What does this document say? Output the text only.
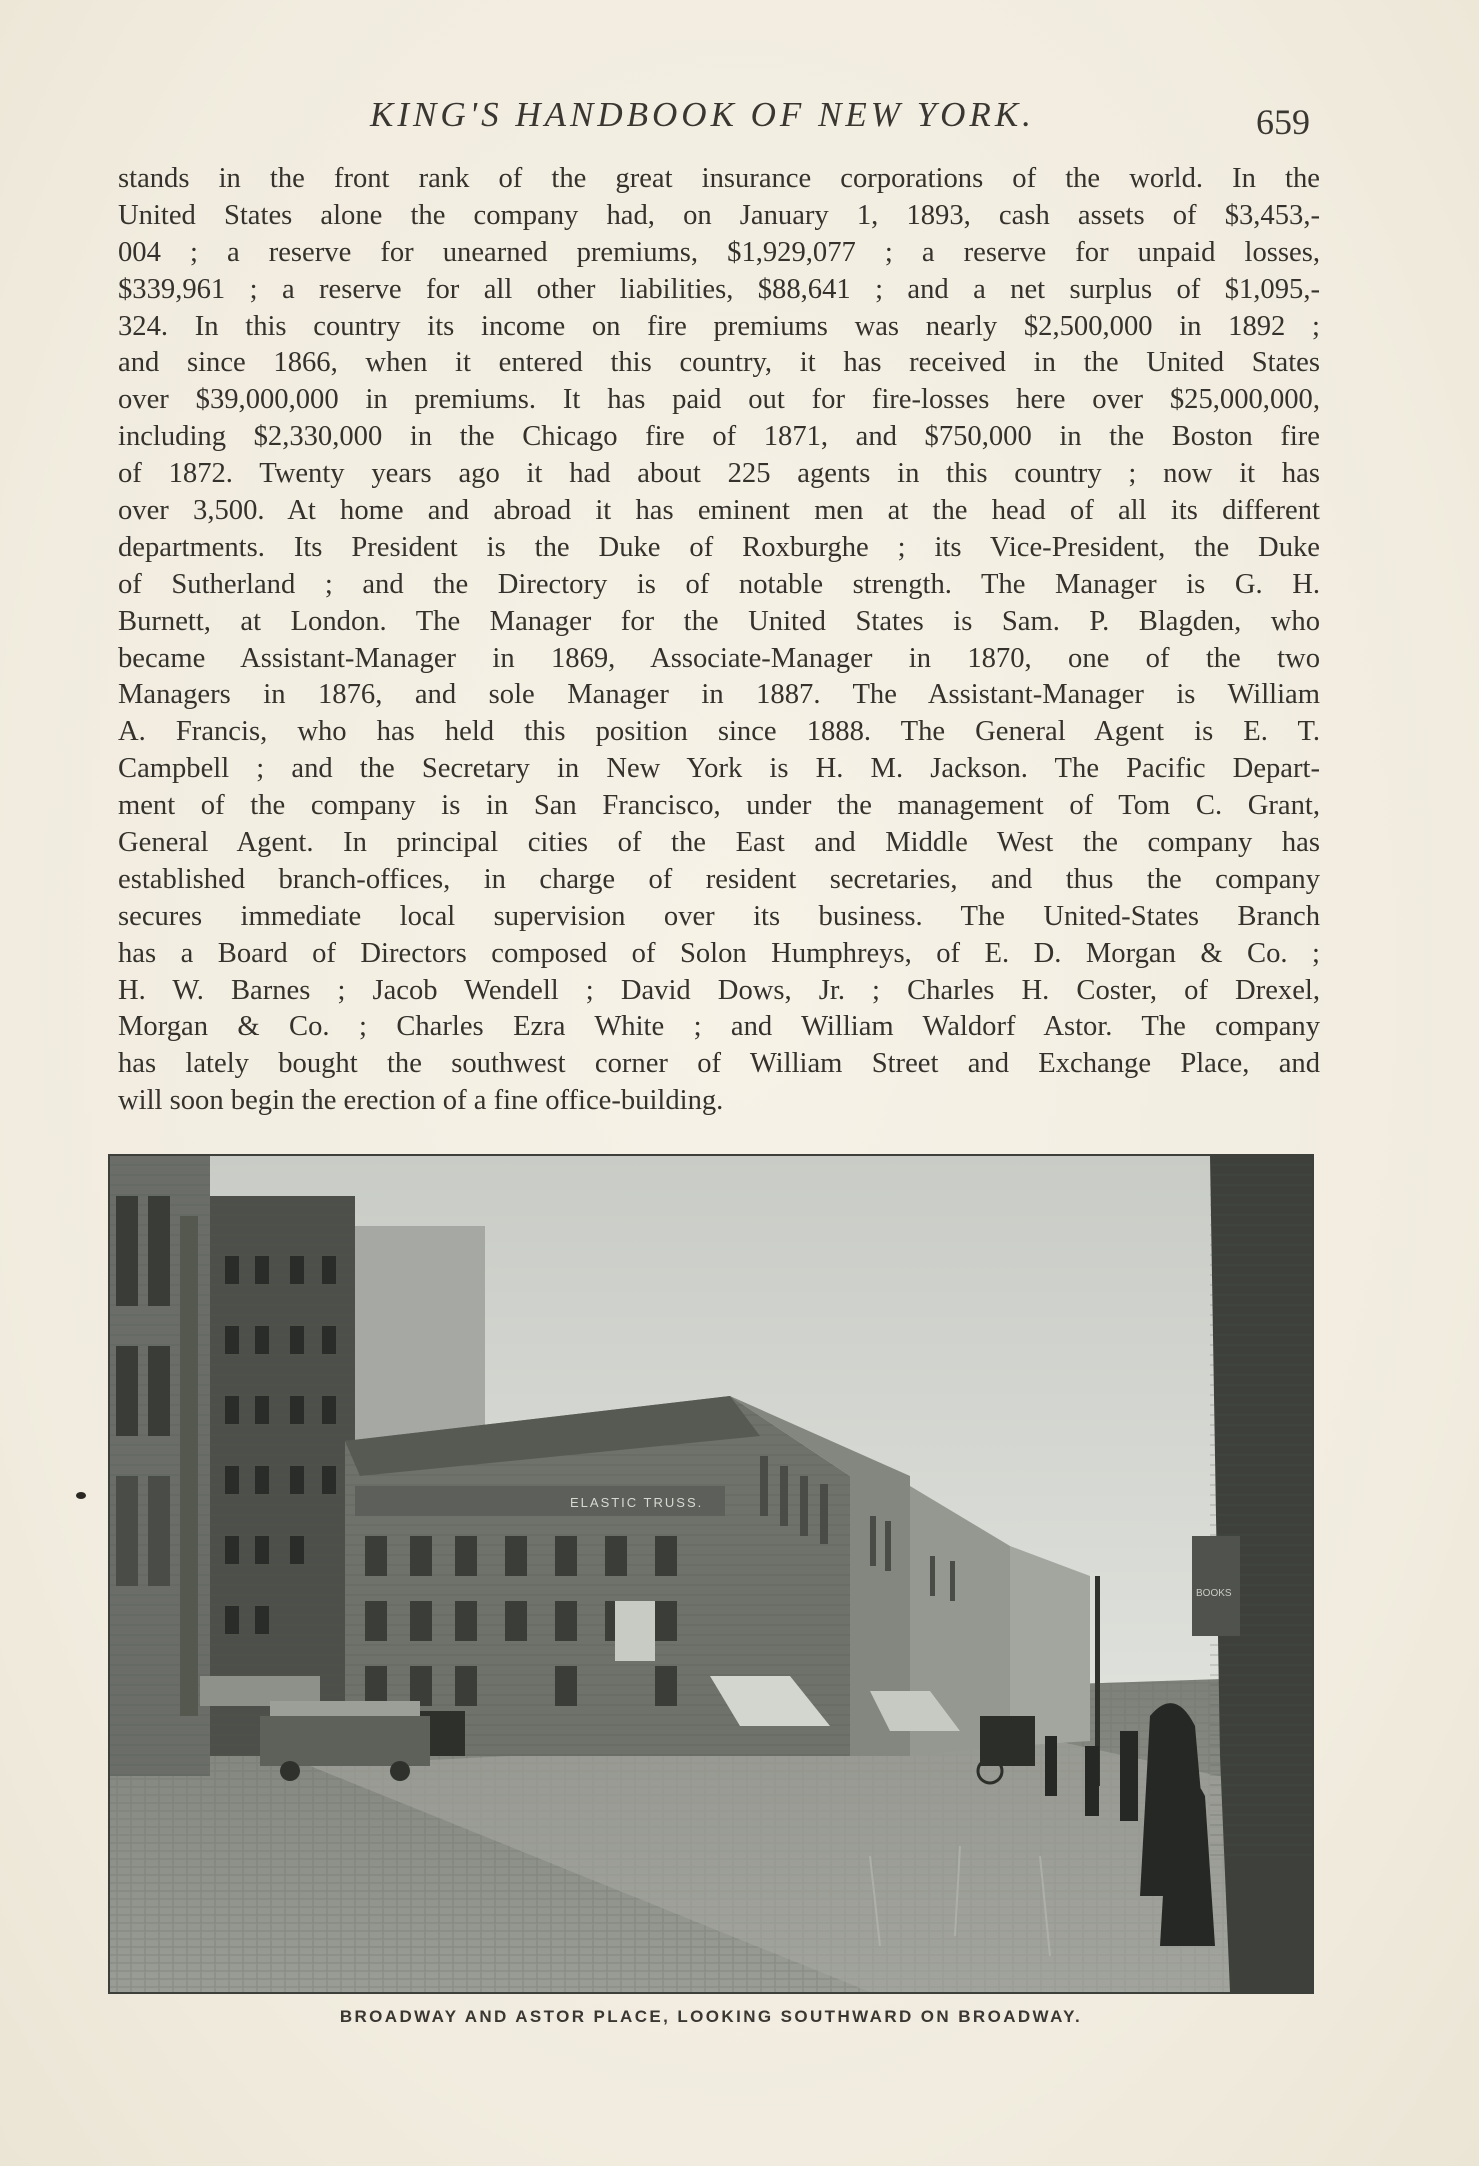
KING'S HANDBOOK OF NEW YORK.	659
stands in the front rank of the great insurance corporations of the world. In the
United States alone the company had, on January 1, 1893, cash assets of $3,453,-
004 ; a reserve for unearned premiums, $1,929,077 ; a reserve for unpaid losses,
$339,961 ; a reserve for all other liabilities, $88,641 ; and a net surplus of $1,095,-
324. In this country its income on fire premiums was nearly $2,500,000 in 1892 ;
and since 1866, when it entered this country, it has received in the United States
over $39,000,000 in premiums. It has paid out for fire-losses here over $25,000,000,
including $2,330,000 in the Chicago fire of 1871, and $750,000 in the Boston fire
of 1872. Twenty years ago it had about 225 agents in this country ; now it has
over 3,500. At home and abroad it has eminent men at the head of all its different
departments. Its President is the Duke of Roxburghe ; its Vice-President, the Duke
of Sutherland ; and the Directory is of notable strength. The Manager is G. H.
Burnett, at London. The Manager for the United States is Sam. P. Blagden, who
became Assistant-Manager in 1869, Associate-Manager in 1870, one of the two
Managers in 1876, and sole Manager in 1887. The Assistant-Manager is William
A. Francis, who has held this position since 1888. The General Agent is E. T.
Campbell ; and the Secretary in New York is H. M. Jackson. The Pacific Depart-
ment of the company is in San Francisco, under the management of Tom C. Grant,
General Agent. In principal cities of the East and Middle West the company has
established branch-offices, in charge of resident secretaries, and thus the company
secures immediate local supervision over its business. The United-States Branch
has a Board of Directors composed of Solon Humphreys, of E. D. Morgan & Co. ;
H. W. Barnes ; Jacob Wendell ; David Dows, Jr. ; Charles H. Coster, of Drexel,
Morgan & Co. ; Charles Ezra White ; and William Waldorf Astor. The company
has lately bought the southwest corner of William Street and Exchange Place, and
will soon begin the erection of a fine office-building.
ELASTIC TRUSS.
BOOKS
BROADWAY AND ASTOR PLACE, LOOKING SOUTHWARD ON BROADWAY.
